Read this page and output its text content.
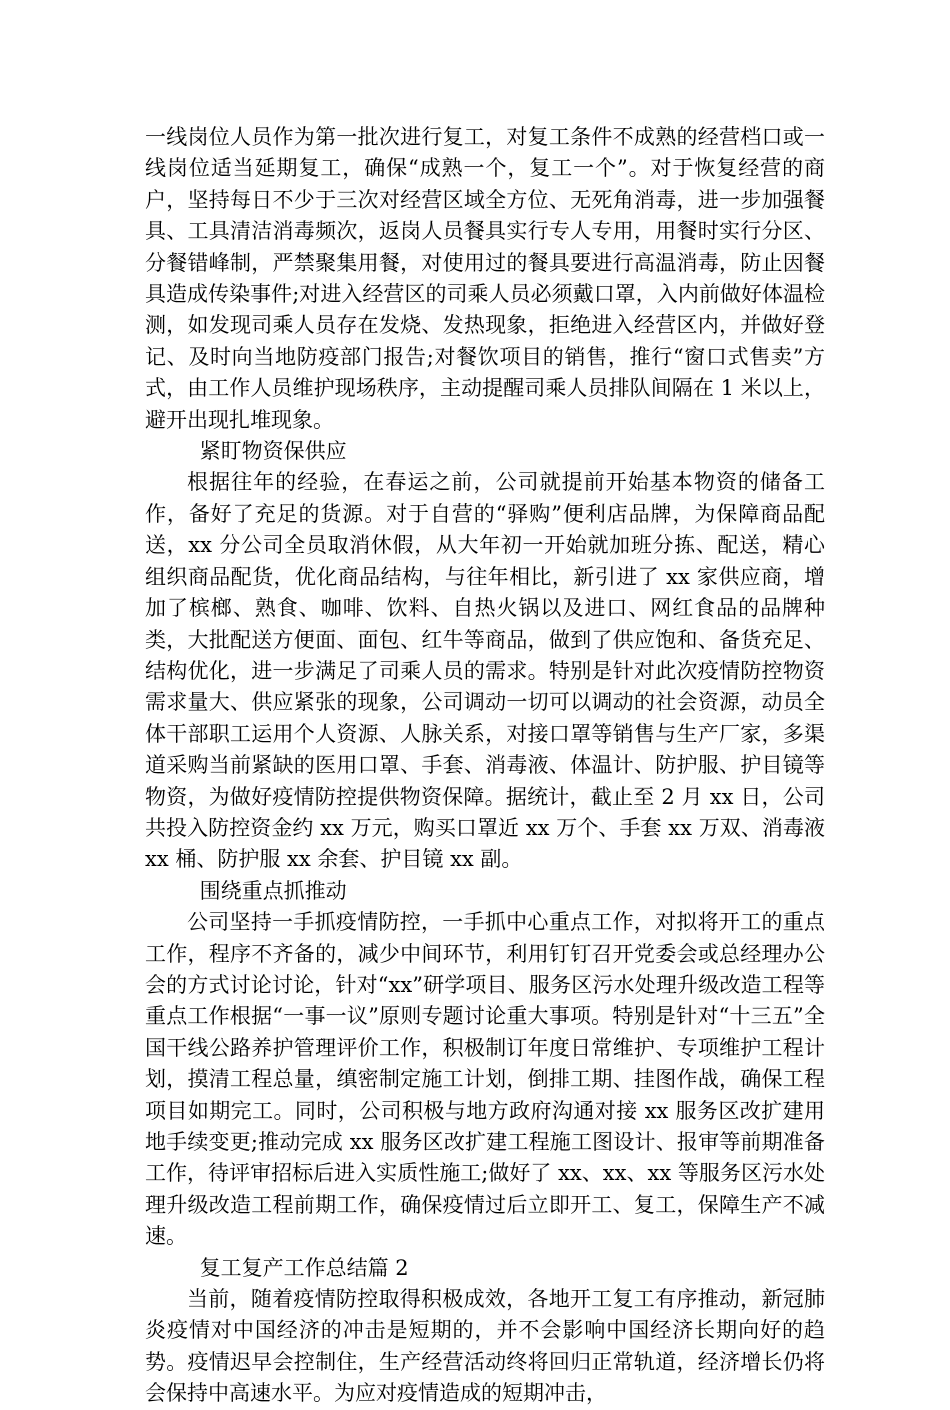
一线岗位人员作为第一批次进行复工，对复工条件不成熟的经营档口或一线岗位适当延期复工，确保“成熟一个，复工一个”。对于恢复经营的商户，坚持每日不少于三次对经营区域全方位、无死角消毒，进一步加强餐具、工具清洁消毒频次，返岗人员餐具实行专人专用，用餐时实行分区、分餐错峰制，严禁聚集用餐，对使用过的餐具要进行高温消毒，防止因餐具造成传染事件;对进入经营区的司乘人员必须戴口罩，入内前做好体温检测，如发现司乘人员存在发烧、发热现象，拒绝进入经营区内，并做好登记、及时向当地防疫部门报告;对餐饮项目的销售，推行“窗口式售卖”方式，由工作人员维护现场秩序，主动提醒司乘人员排队间隔在 1 米以上，避开出现扎堆现象。

紧盯物资保供应

根据往年的经验，在春运之前，公司就提前开始基本物资的储备工作，备好了充足的货源。对于自营的“驿购”便利店品牌，为保障商品配送，xx 分公司全员取消休假，从大年初一开始就加班分拣、配送，精心组织商品配货，优化商品结构，与往年相比，新引进了 xx 家供应商，增加了槟榔、熟食、咖啡、饮料、自热火锅以及进口、网红食品的品牌种类，大批配送方便面、面包、红牛等商品，做到了供应饱和、备货充足、结构优化，进一步满足了司乘人员的需求。特别是针对此次疫情防控物资需求量大、供应紧张的现象，公司调动一切可以调动的社会资源，动员全体干部职工运用个人资源、人脉关系，对接口罩等销售与生产厂家，多渠道采购当前紧缺的医用口罩、手套、消毒液、体温计、防护服、护目镜等物资，为做好疫情防控提供物资保障。据统计，截止至 2 月 xx 日，公司共投入防控资金约 xx 万元，购买口罩近 xx 万个、手套 xx 万双、消毒液 xx 桶、防护服 xx 余套、护目镜 xx 副。

围绕重点抓推动

公司坚持一手抓疫情防控，一手抓中心重点工作，对拟将开工的重点工作，程序不齐备的，减少中间环节，利用钉钉召开党委会或总经理办公会的方式讨论讨论，针对“xx”研学项目、服务区污水处理升级改造工程等重点工作根据“一事一议”原则专题讨论重大事项。特别是针对“十三五”全国干线公路养护管理评价工作，积极制订年度日常维护、专项维护工程计划，摸清工程总量，缜密制定施工计划，倒排工期、挂图作战，确保工程项目如期完工。同时，公司积极与地方政府沟通对接 xx 服务区改扩建用地手续变更;推动完成 xx 服务区改扩建工程施工图设计、报审等前期准备工作，待评审招标后进入实质性施工;做好了 xx、xx、xx 等服务区污水处理升级改造工程前期工作，确保疫情过后立即开工、复工，保障生产不减速。

复工复产工作总结篇 2

当前，随着疫情防控取得积极成效，各地开工复工有序推动，新冠肺炎疫情对中国经济的冲击是短期的，并不会影响中国经济长期向好的趋势。疫情迟早会控制住，生产经营活动终将回归正常轨道，经济增长仍将会保持中高速水平。为应对疫情造成的短期冲击，
